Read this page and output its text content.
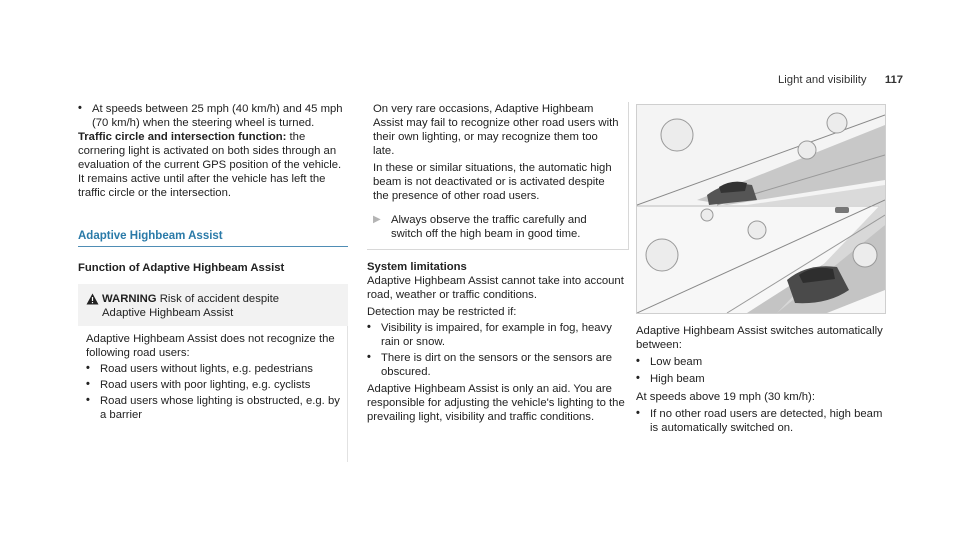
Light and visibility 117
• At speeds between 25 mph (40 km/h) and 45 mph (70 km/h) when the steering wheel is turned.

Traffic circle and intersection function: the cornering light is activated on both sides through an evaluation of the current GPS position of the vehicle. It remains active until after the vehicle has left the traffic circle or the intersection.

Adaptive Highbeam Assist

Function of Adaptive Highbeam Assist

WARNING Risk of accident despite

Adaptive Highbeam Assist

Adaptive Highbeam Assist does not recognize the following road users:

• Road users without lights, e.g. pedestrians

• Road users with poor lighting, e.g. cyclists

• Road users whose lighting is obstructed, e.g. by a barrier

On very rare occasions, Adaptive Highbeam Assist may fail to recognize other road users with their own lighting, or may recognize them too late.

In these or similar situations, the automatic high beam is not deactivated or is activated despite the presence of other road users.

▶ Always observe the traffic carefully and switch off the high beam in good time.

System limitations

Adaptive Highbeam Assist cannot take into account road, weather or traffic conditions.

Detection may be restricted if:

• Visibility is impaired, for example in fog, heavy rain or snow.

• There is dirt on the sensors or the sensors are obscured.

Adaptive Highbeam Assist is only an aid. You are responsible for adjusting the vehicle's lighting to the prevailing light, visibility and traffic conditions.

Adaptive Highbeam Assist switches automatically between:

• Low beam

• High beam

At speeds above 19 mph (30 km/h):

• If no other road users are detected, high beam is automatically switched on.
